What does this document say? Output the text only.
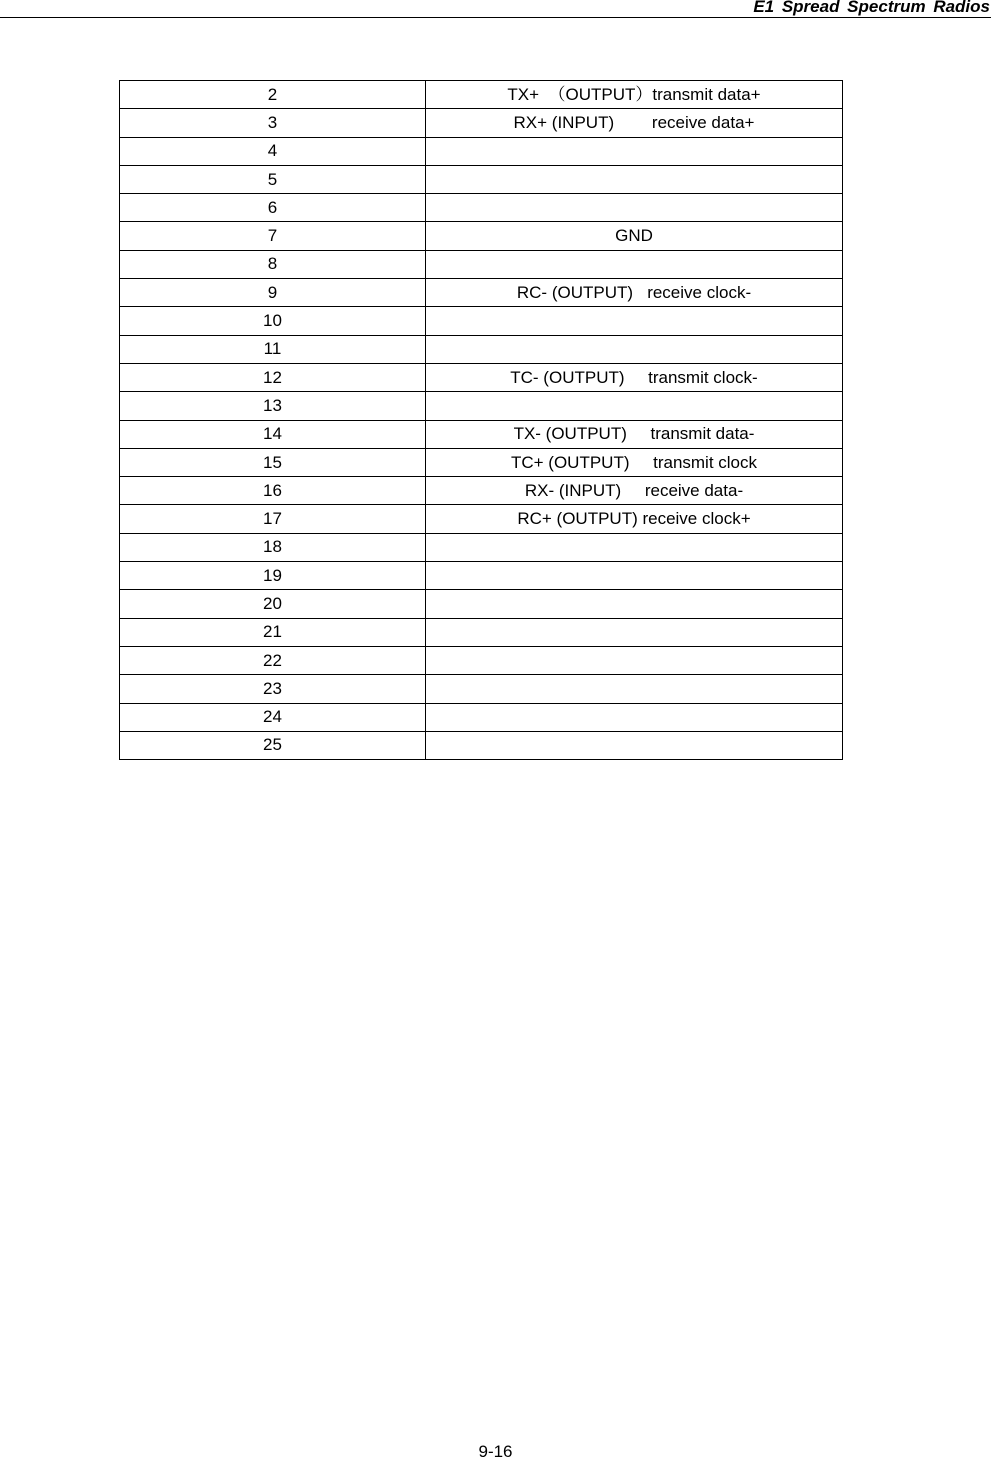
E1 Spread Spectrum Radios
2	TX+  （OUTPUT）transmit data+
3	RX+ (INPUT)        receive data+
4	
5	
6	
7	GND
8	
9	RC- (OUTPUT)   receive clock-
10	
11	
12	TC- (OUTPUT)     transmit clock-
13	
14	TX- (OUTPUT)     transmit data-
15	TC+ (OUTPUT)     transmit clock
16	RX- (INPUT)     receive data-
17	RC+ (OUTPUT) receive clock+
18	
19	
20	
21	
22	
23	
24	
25	
9-16
